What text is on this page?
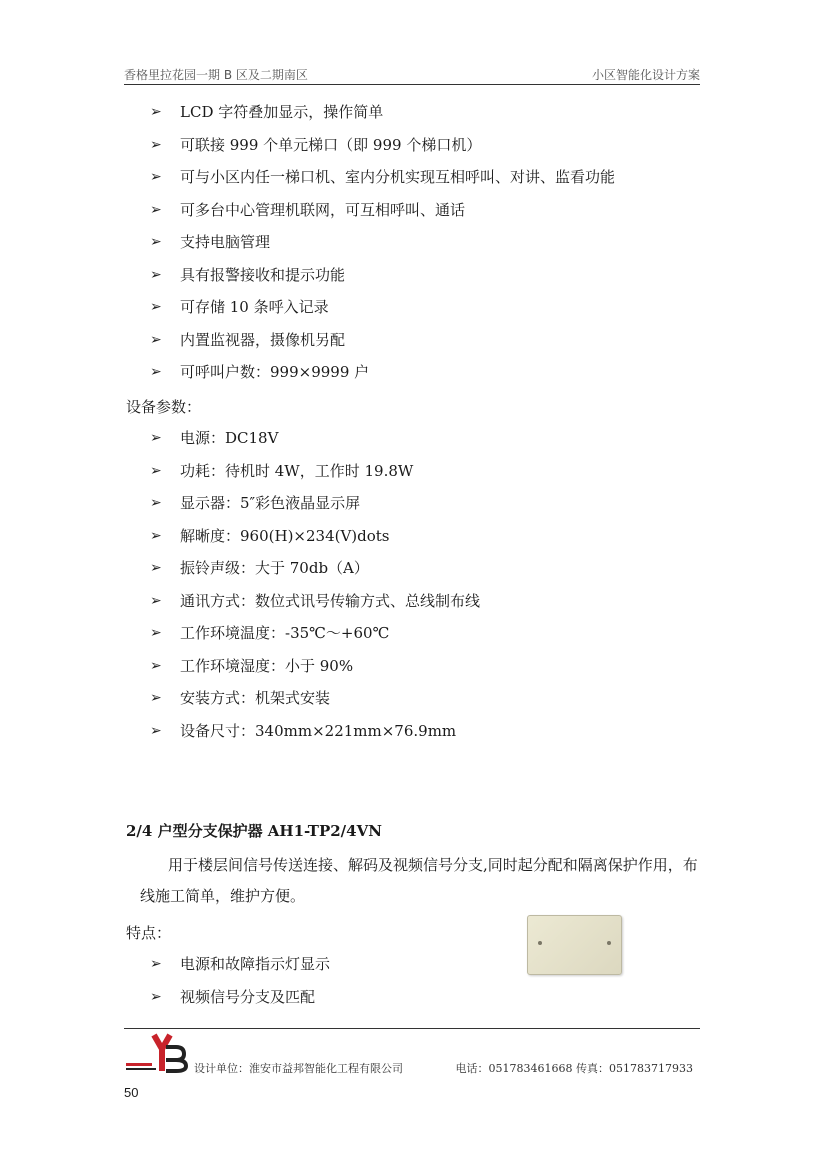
香格里拉花园一期 B 区及二期南区	小区智能化设计方案
➢	LCD 字符叠加显示，操作简单
➢	可联接 999 个单元梯口（即 999 个梯口机）
➢	可与小区内任一梯口机、室内分机实现互相呼叫、对讲、监看功能
➢	可多台中心管理机联网，可互相呼叫、通话
➢	支持电脑管理
➢	具有报警接收和提示功能
➢	可存储 10 条呼入记录
➢	内置监视器，摄像机另配
➢	可呼叫户数：999×9999 户
设备参数：
➢	电源：DC18V
➢	功耗：待机时 4W，工作时 19.8W
➢	显示器：5″彩色液晶显示屏
➢	解晰度：960(H)×234(V)dots
➢	振铃声级：大于 70db（A）
➢	通讯方式：数位式讯号传输方式、总线制布线
➢	工作环境温度：-35℃～+60℃
➢	工作环境湿度：小于 90%
➢	安装方式：机架式安装
➢	设备尺寸：340mm×221mm×76.9mm
2/4 户型分支保护器 AH1-TP2/4VN
用于楼层间信号传送连接、解码及视频信号分支,同时起分配和隔离保护作用，布线施工简单，维护方便。
特点：
➢	电源和故障指示灯显示
➢	视频信号分支及匹配
设计单位：淮安市益邦智能化工程有限公司	电话：051783461668 传真：051783717933
50
